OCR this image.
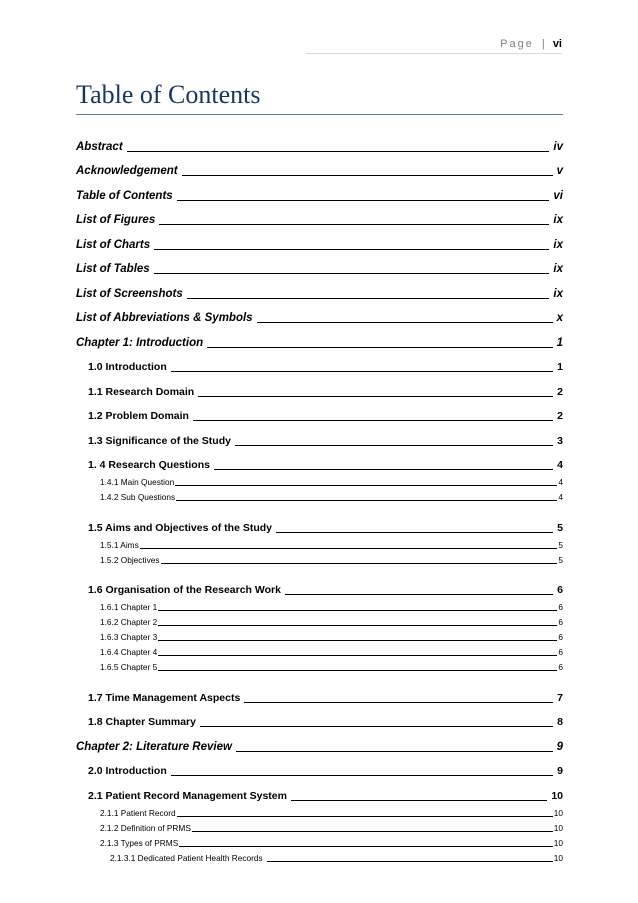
Page | vi
Table of Contents
Abstract	iv
Acknowledgement	v
Table of Contents	vi
List of Figures	ix
List of Charts	ix
List of Tables	ix
List of Screenshots	ix
List of Abbreviations & Symbols	x
Chapter 1: Introduction	1
1.0 Introduction	1
1.1 Research Domain	2
1.2 Problem Domain	2
1.3 Significance of the Study	3
1. 4 Research Questions	4
1.4.1 Main Question	4
1.4.2 Sub Questions	4
1.5 Aims and Objectives of the Study	5
1.5.1 Aims	5
1.5.2 Objectives	5
1.6 Organisation of the Research Work	6
1.6.1 Chapter 1	6
1.6.2 Chapter 2	6
1.6.3 Chapter 3	6
1.6.4 Chapter 4	6
1.6.5 Chapter 5	6
1.7 Time Management Aspects	7
1.8 Chapter Summary	8
Chapter 2: Literature Review	9
2.0 Introduction	9
2.1 Patient Record Management System	10
2.1.1 Patient Record	10
2.1.2 Definition of PRMS	10
2.1.3 Types of PRMS	10
2.1.3.1 Dedicated Patient Health Records	10
